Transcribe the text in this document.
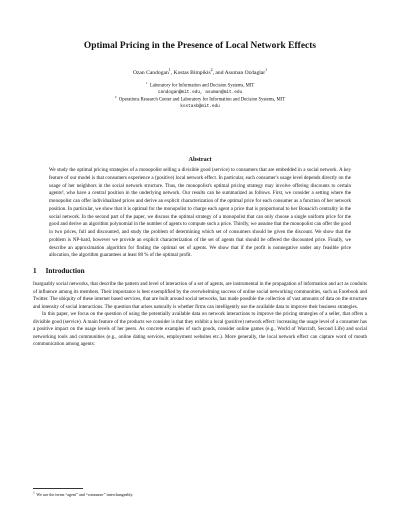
Optimal Pricing in the Presence of Local Network Effects
Ozan Candogan$^1$, Kostas Bimpikis$^2$, and Asuman Ozdaglar$^1$
$^1$  Laboratory for Information and Decision Systems, MIT
candogan@mit.edu, asuman@mit.edu
$^2$  Operations Research Center and Laboratory for Information and Decision Systems, MIT
kostasb@mit.edu
Abstract
We study the optimal pricing strategies of a monopolist selling a divisible good (service) to consumers that are embedded in a social network. A key feature of our model is that consumers experience a (positive) local network effect. In particular, each consumer's usage level depends directly on the usage of her neighbors in the social network structure. Thus, the monopolist's optimal pricing strategy may involve offering discounts to certain agents³, who have a central position in the underlying network. Our results can be summarized as follows. First, we consider a setting where the monopolist can offer individualized prices and derive an explicit characterization of the optimal price for each consumer as a function of her network position. In particular, we show that it is optimal for the monopolist to charge each agent a price that is proportional to her Bonacich centrality in the social network. In the second part of the paper, we discuss the optimal strategy of a monopolist that can only choose a single uniform price for the good and derive an algorithm polynomial in the number of agents to compute such a price. Thirdly, we assume that the monopolist can offer the good in two prices, full and discounted, and study the problem of determining which set of consumers should be given the discount. We show that the problem is NP-hard, however we provide an explicit characterization of the set of agents that should be offered the discounted price. Finally, we describe an approximation algorithm for finding the optimal set of agents. We show that if the profit is nonnegative under any feasible price allocation, the algorithm guarantees at least 88 % of the optimal profit.
1 Introduction

Inarguably social networks, that describe the pattern and level of interaction of a set of agents, are instrumental in the propagation of information and act as conduits of influence among its members. Their importance is best exemplified by the overwhelming success of online social networking communities, such as Facebook and Twitter. The ubiquity of these internet based services, that are built around social networks, has made possible the collection of vast amounts of data on the structure and intensity of social interactions. The question that arises naturally is whether firms can intelligently use the available data to improve their business strategies.

In this paper, we focus on the question of using the potentially available data on network interactions to improve the pricing strategies of a seller, that offers a divisible good (service). A main feature of the products we consider is that they exhibit a local (positive) network effect: increasing the usage level of a consumer has a positive impact on the usage levels of her peers. As concrete examples of such goods, consider online games (e.g., World of Warcraft, Second Life) and social networking tools and communities (e.g., online dating services, employment websites etc.). More generally, the local network effect can capture word of mouth communication among agents:

$^3$ We use the terms “agent” and “consumer” interchangeably.
